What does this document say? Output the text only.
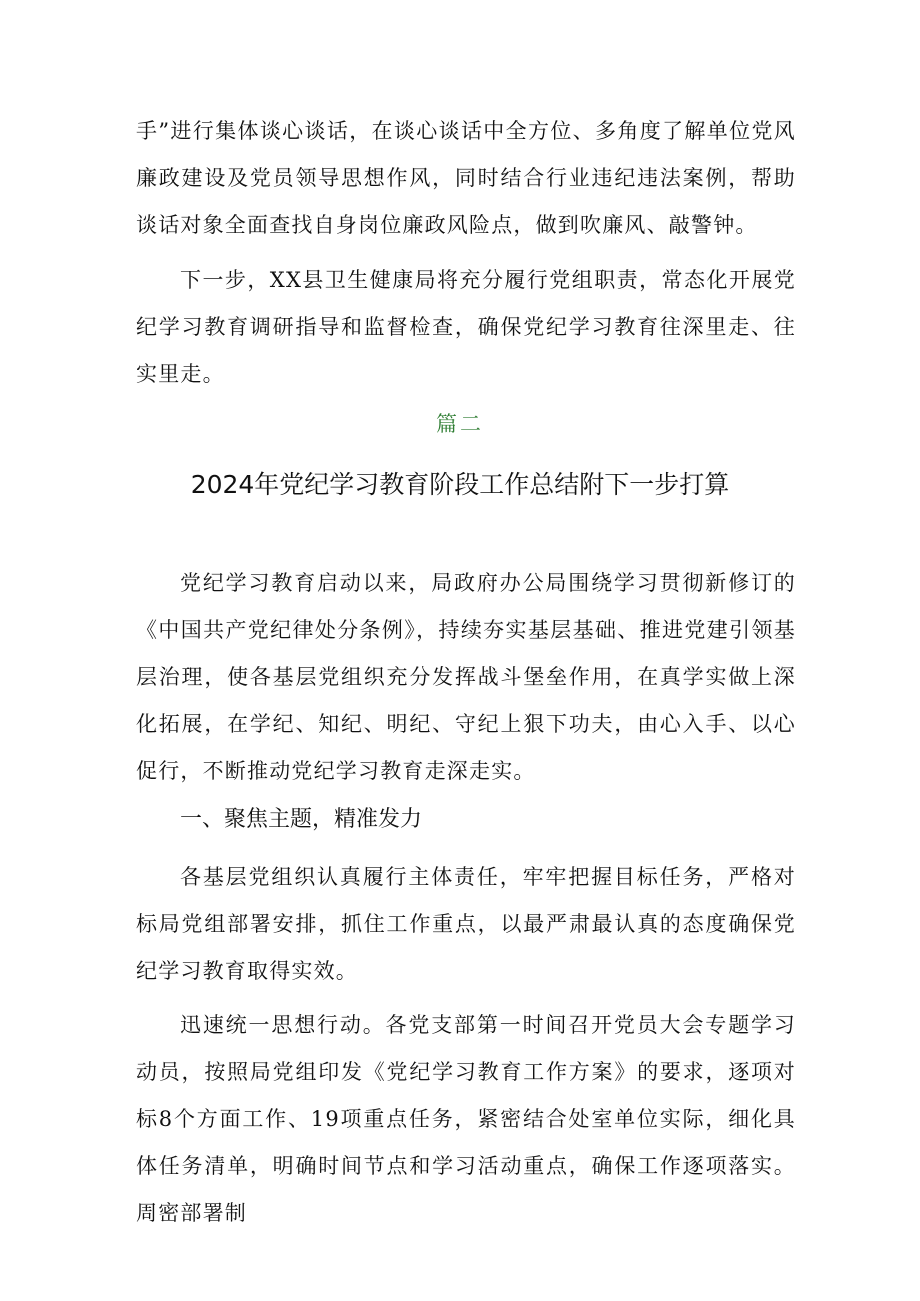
手”进行集体谈心谈话，在谈心谈话中全方位、多角度了解单位党风廉政建设及党员领导思想作风，同时结合行业违纪违法案例，帮助谈话对象全面查找自身岗位廉政风险点，做到吹廉风、敲警钟。

下一步，XX县卫生健康局将充分履行党组职责，常态化开展党纪学习教育调研指导和监督检查，确保党纪学习教育往深里走、往实里走。

篇二
2024年党纪学习教育阶段工作总结附下一步打算

党纪学习教育启动以来，局政府办公局围绕学习贯彻新修订的《中国共产党纪律处分条例》，持续夯实基层基础、推进党建引领基层治理，使各基层党组织充分发挥战斗堡垒作用，在真学实做上深化拓展，在学纪、知纪、明纪、守纪上狠下功夫，由心入手、以心促行，不断推动党纪学习教育走深走实。

一、聚焦主题，精准发力

各基层党组织认真履行主体责任，牢牢把握目标任务，严格对标局党组部署安排，抓住工作重点，以最严肃最认真的态度确保党纪学习教育取得实效。

迅速统一思想行动。各党支部第一时间召开党员大会专题学习动员，按照局党组印发《党纪学习教育工作方案》的要求，逐项对标8个方面工作、19项重点任务，紧密结合处室单位实际，细化具体任务清单，明确时间节点和学习活动重点，确保工作逐项落实。周密部署制
